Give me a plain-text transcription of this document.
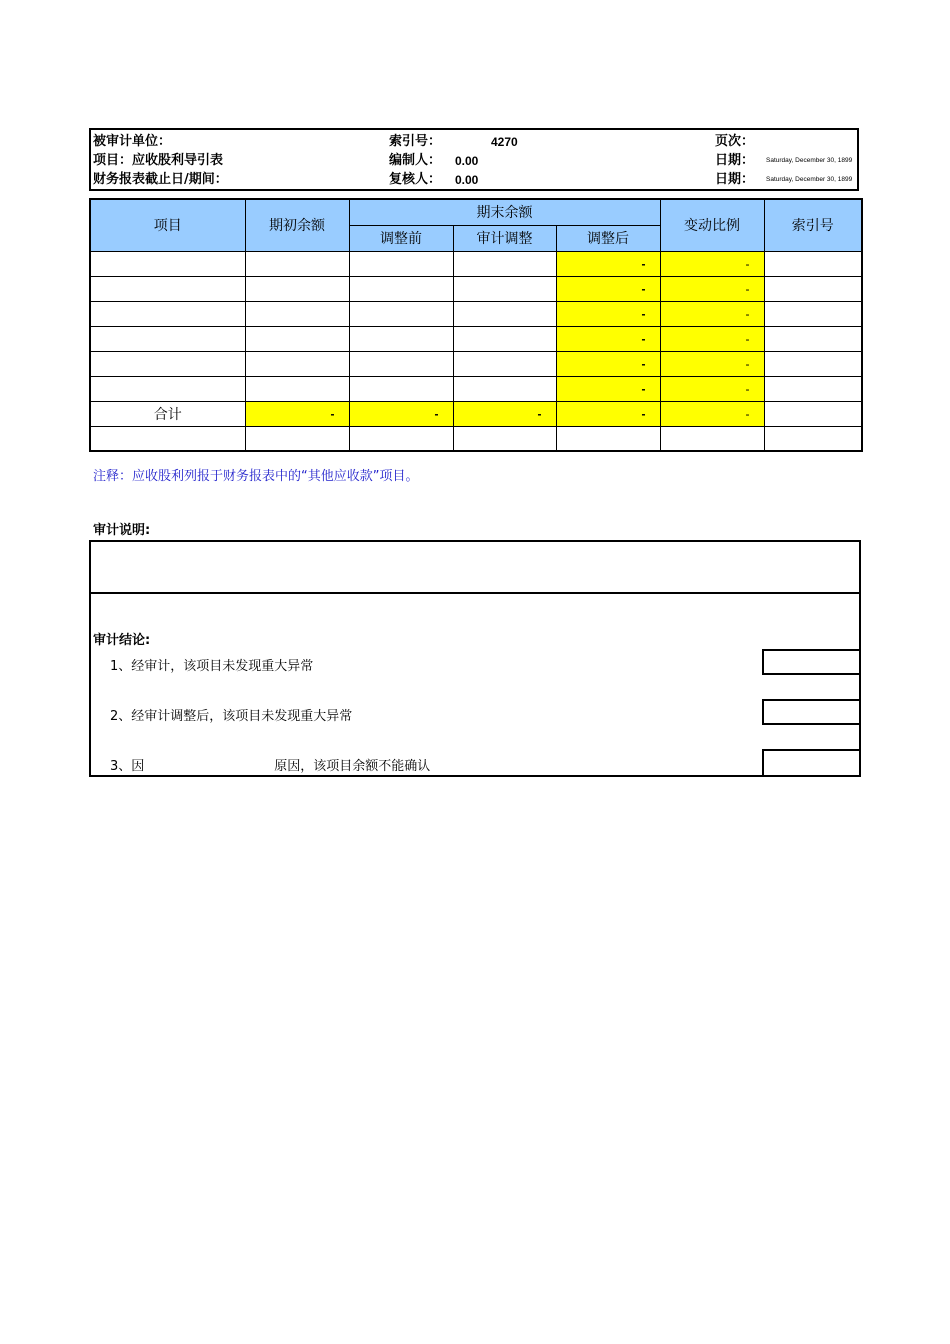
被审计单位：
项目：应收股利导引表
财务报表截止日/期间：
索引号：	4270
编制人： 0.00
复核人： 0.00
页次：
日期： Saturday, December 30, 1899
日期： Saturday, December 30, 1899
项目	期初余额	期末余额			变动比例	索引号
		调整前	审计调整	调整后		
				-	-	
				-	-	
				-	-	
				-	-	
				-	-	
				-	-	
合计	-	-	-	-	-	

注释：应收股利列报于财务报表中的“其他应收款”项目。
审计说明:
审计结论:
1、经审计，该项目未发现重大异常
2、经审计调整后，该项目未发现重大异常
3、因	原因，该项目余额不能确认
